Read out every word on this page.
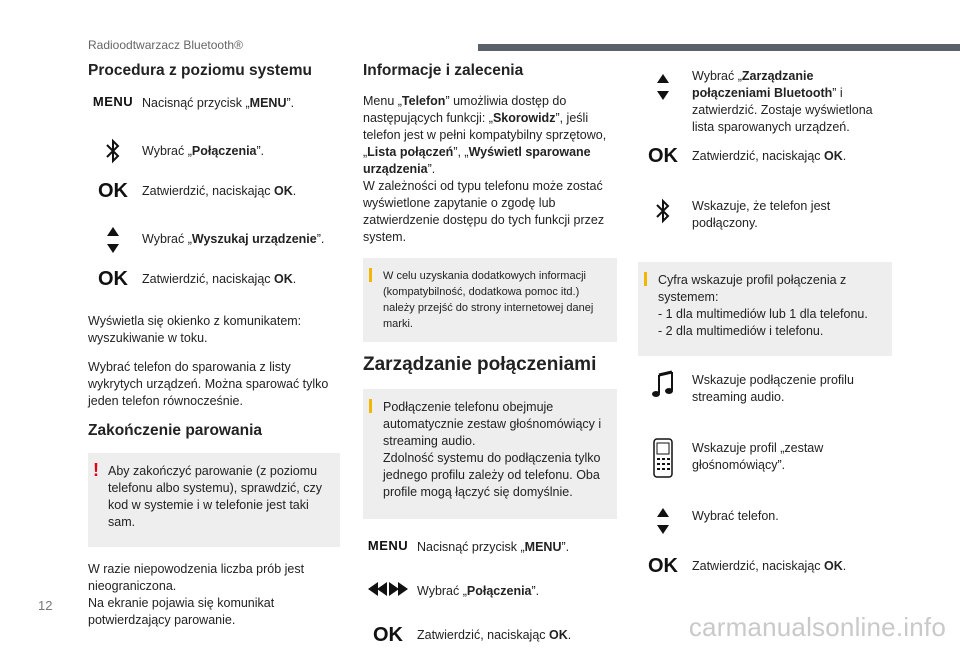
Radioodtwarzacz Bluetooth®
Procedura z poziomu systemu
MENU Nacisnąć przycisk „MENU”.
Wybrać „Połączenia”.
OK	Zatwierdzić, naciskając OK.
Wybrać „Wyszukaj urządzenie”.
OK	Zatwierdzić, naciskając OK.

Wyświetla się okienko z komunikatem: wyszukiwanie w toku.

Wybrać telefon do sparowania z listy wykrytych urządzeń. Można sparować tylko jeden telefon równocześnie.

Zakończenie parowania
! Aby zakończyć parowanie (z poziomu telefonu albo systemu), sprawdzić, czy kod w systemie i w telefonie jest taki sam.

W razie niepowodzenia liczba prób jest nieograniczona.
Na ekranie pojawia się komunikat potwierdzający parowanie.

Informacje i zalecenia

Menu „Telefon” umożliwia dostęp do następujących funkcji: „Skorowidz”, jeśli telefon jest w pełni kompatybilny sprzętowo, „Lista połączeń”, „Wyświetl sparowane urządzenia”.

W zależności od typu telefonu może zostać wyświetlone zapytanie o zgodę lub zatwierdzenie dostępu do tych funkcji przez system.

W celu uzyskania dodatkowych informacji (kompatybilność, dodatkowa pomoc itd.) należy przejść do strony internetowej danej marki.
Zarządzanie połączeniami
Podłączenie telefonu obejmuje automatycznie zestaw głośnomówiący i streaming audio.
Zdolność systemu do podłączenia tylko jednego profilu zależy od telefonu. Oba profile mogą łączyć się domyślnie.
MENU Nacisnąć przycisk „MENU”.
Wybrać „Połączenia”.
OK	Zatwierdzić, naciskając OK.
Wybrać „Zarządzanie połączeniami Bluetooth” i zatwierdzić. Zostaje wyświetlona lista sparowanych urządzeń.
OK	Zatwierdzić, naciskając OK.
Wskazuje, że telefon jest podłączony.
Cyfra wskazuje profil połączenia z systemem:
- 1 dla multimediów lub 1 dla telefonu.
- 2 dla multimediów i telefonu.
Wskazuje podłączenie profilu streaming audio.
Wskazuje profil „zestaw głośnomówiący”.
Wybrać telefon.
OK	Zatwierdzić, naciskając OK.
12
carmanualsonline.info
